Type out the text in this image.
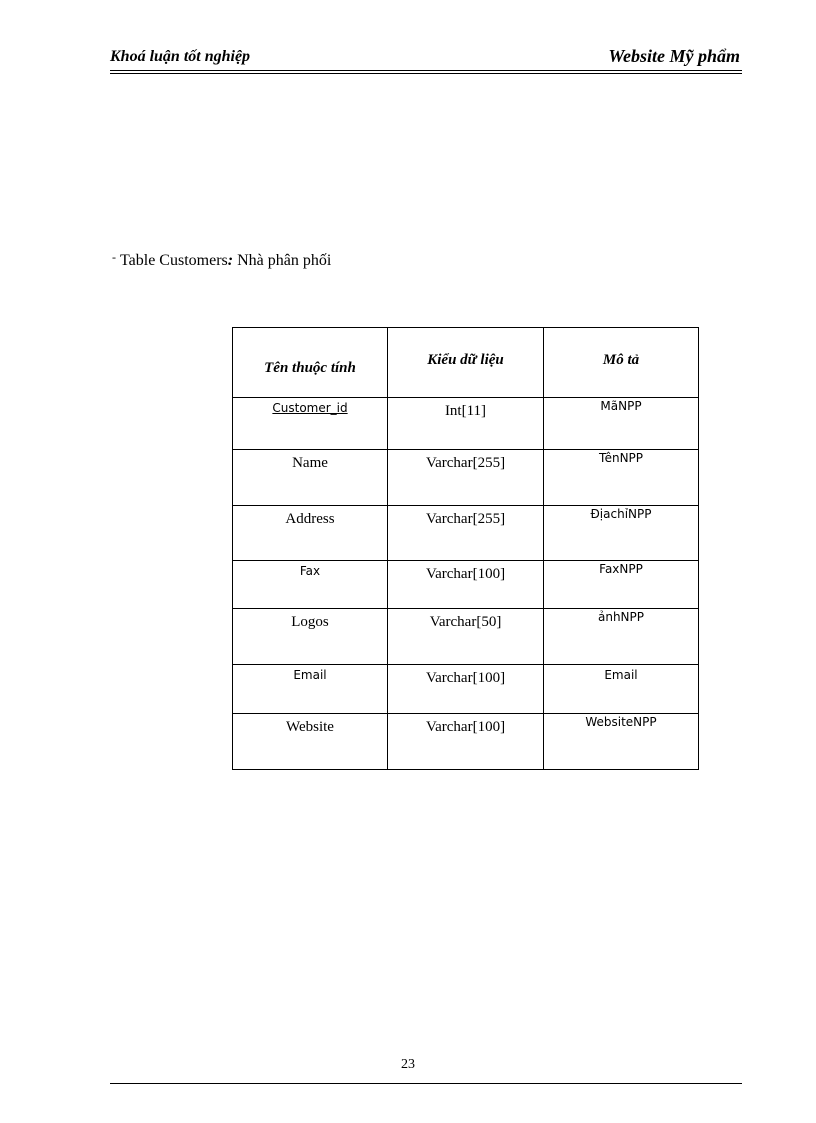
Khoá luận tốt nghiệp	Website Mỹ phẩm
- Table Customers: Nhà phân phối
Tên thuộc tính	Kiểu dữ liệu	Mô tả

Customer_id	Int[11]	MãNPP

Name	Varchar[255]	TênNPP

Address	Varchar[255]	ĐịachỉNPP

Fax	Varchar[100]	FaxNPP

Logos	Varchar[50]	ảnhNPP

Email	Varchar[100]	Email

Website	Varchar[100]	WebsiteNPP
23
